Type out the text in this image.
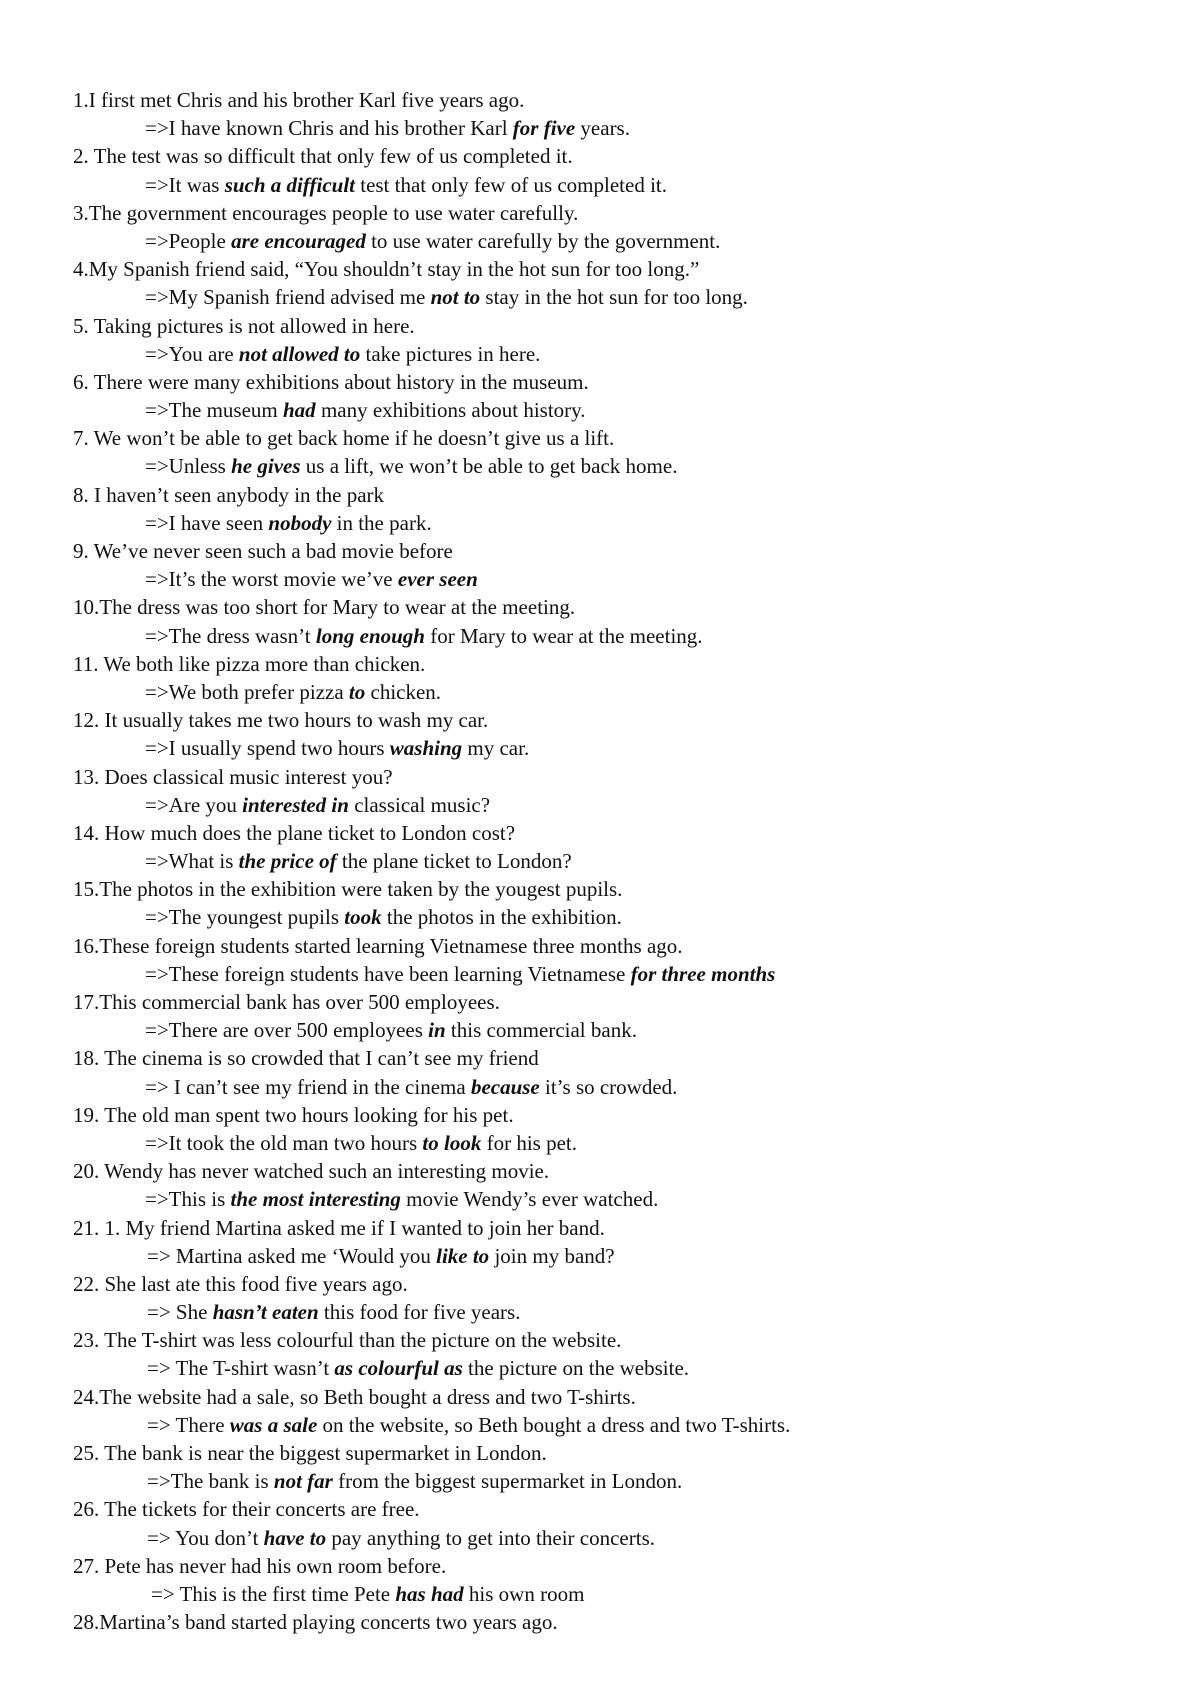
1.I first met Chris and his brother Karl five years ago.
=>I have known Chris and his brother Karl for five years.
2. The test was so difficult that only few of us completed it.
=>It was such a difficult test that only few of us completed it.
3.The government encourages people to use water carefully.
=>People are encouraged to use water carefully by the government.
4.My Spanish friend said, “You shouldn’t stay in the hot sun for too long.”
=>My Spanish friend advised me not to stay in the hot sun for too long.
5. Taking pictures is not allowed in here.
=>You are not allowed to take pictures in here.
6. There were many exhibitions about history in the museum.
=>The museum had many exhibitions about history.
7. We won’t be able to get back home if he doesn’t give us a lift.
=>Unless he gives us a lift, we won’t be able to get back home.
8. I haven’t seen anybody in the park
=>I have seen nobody in the park.
9. We’ve never seen such a bad movie before
=>It’s the worst movie we’ve ever seen
10.The dress was too short for Mary to wear at the meeting.
=>The dress wasn’t long enough for Mary to wear at the meeting.
11. We both like pizza more than chicken.
=>We both prefer pizza to chicken.
12. It usually takes me two hours to wash my car.
=>I usually spend two hours washing my car.
13. Does classical music interest you?
=>Are you interested in classical music?
14. How much does the plane ticket to London cost?
=>What is the price of the plane ticket to London?
15.The photos in the exhibition were taken by the yougest pupils.
=>The youngest pupils took the photos in the exhibition.
16.These foreign students started learning Vietnamese three months ago.
=>These foreign students have been learning Vietnamese for three months
17.This commercial bank has over 500 employees.
=>There are over 500 employees in this commercial bank.
18. The cinema is so crowded that I can’t see my friend
=> I can’t see my friend in the cinema because it’s so crowded.
19. The old man spent two hours looking for his pet.
=>It took the old man two hours to look for his pet.
20. Wendy has never watched such an interesting movie.
=>This is the most interesting movie Wendy’s ever watched.
21. 1. My friend Martina asked me if I wanted to join her band.
=> Martina asked me ‘Would you like to join my band?
22. She last ate this food five years ago.
=> She hasn’t eaten this food for five years.
23. The T-shirt was less colourful than the picture on the website.
=> The T-shirt wasn’t as colourful as the picture on the website.
24.The website had a sale, so Beth bought a dress and two T-shirts.
=> There was a sale on the website, so Beth bought a dress and two T-shirts.
25. The bank is near the biggest supermarket in London.
=>The bank is not far from the biggest supermarket in London.
26. The tickets for their concerts are free.
=> You don’t have to pay anything to get into their concerts.
27. Pete has never had his own room before.
=> This is the first time Pete has had his own room
28.Martina’s band started playing concerts two years ago.
